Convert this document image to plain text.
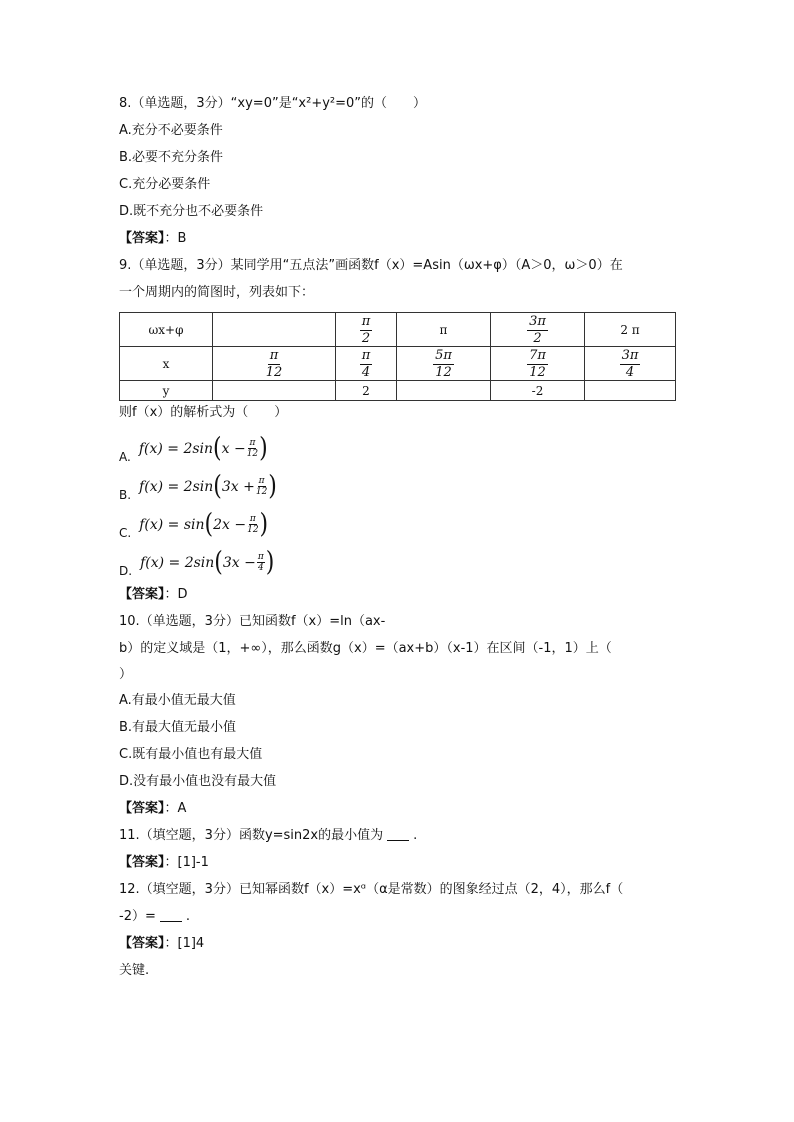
8.（单选题，3分）“xy=0”是“x²+y²=0”的（　　）
A.充分不必要条件
B.必要不充分条件
C.充分必要条件
D.既不充分也不必要条件
【答案】：B
9.（单选题，3分）某同学用“五点法”画函数f（x）=Asin（ωx+φ）（A＞0，ω＞0）在
一个周期内的简图时，列表如下：
ωx+φ		$\frac{\pi}{2}$	π	$\frac{3\pi}{2}$	2 π
x	$\frac{\pi}{12}$	$\frac{\pi}{4}$	$\frac{5\pi}{12}$	$\frac{7\pi}{12}$	$\frac{3\pi}{4}$

y		2		-2	
则f（x）的解析式为（　　）
A.
f(x) = 2sin ( $x - \frac{\pi}{12}$ )
B.
f(x) = 2sin ( $3x + \frac{\pi}{12}$ )
C.
f(x) = sin ( $2x - \frac{\pi}{12}$ )
D.
f(x) = 2sin ( $3x - \frac{\pi}{4}$ )
【答案】：D
10.（单选题，3分）已知函数f（x）=ln（ax-
b）的定义域是（1，+∞），那么函数g（x）=（ax+b）（x-1）在区间（-1，1）上（
）
A.有最小值无最大值
B.有最大值无最小值
C.既有最小值也有最大值
D.没有最小值也没有最大值
【答案】：A
11.（填空题，3分）函数y=sin2x的最小值为 .
【答案】：[1]-1
12.（填空题，3分）已知幂函数f（x）=xᵅ（α是常数）的图象经过点（2，4），那么f（
-2）= .
【答案】：[1]4
关键.
